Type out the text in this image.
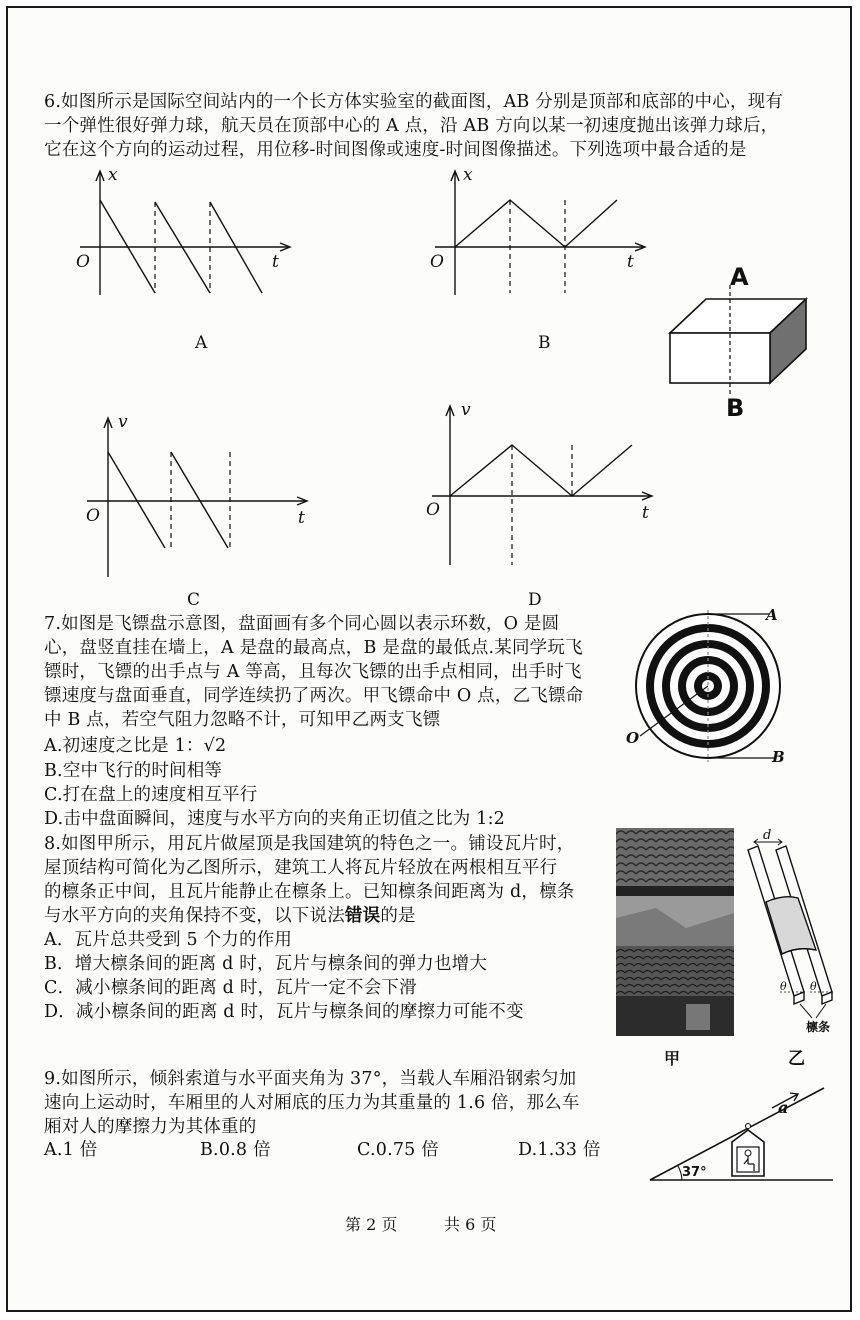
6.如图所示是国际空间站内的一个长方体实验室的截面图，AB 分别是顶部和底部的中心，现有
一个弹性很好弹力球，航天员在顶部中心的 A 点，沿 AB 方向以某一初速度抛出该弹力球后，
它在这个方向的运动过程，用位移-时间图像或速度-时间图像描述。下列选项中最合适的是
x
t
O
A
x
t
O
B
A
B
v
t
O
C
v
t
O
D
7.如图是飞镖盘示意图，盘面画有多个同心圆以表示环数，O 是圆
心，盘竖直挂在墙上，A 是盘的最高点，B 是盘的最低点.某同学玩飞
镖时，飞镖的出手点与 A 等高，且每次飞镖的出手点相同，出手时飞
镖速度与盘面垂直，同学连续扔了两次。甲飞镖命中 O 点，乙飞镖命
中 B 点，若空气阻力忽略不计，可知甲乙两支飞镖
A.初速度之比是 1：√2
B.空中飞行的时间相等
C.打在盘上的速度相互平行
D.击中盘面瞬间，速度与水平方向的夹角正切值之比为 1:2
A
B
O
8.如图甲所示，用瓦片做屋顶是我国建筑的特色之一。铺设瓦片时，
屋顶结构可简化为乙图所示，建筑工人将瓦片轻放在两根相互平行
的檩条正中间，且瓦片能静止在檩条上。已知檩条间距离为 d，檩条
与水平方向的夹角保持不变，以下说法错误的是
A．瓦片总共受到 5 个力的作用
B．增大檩条间的距离 d 时，瓦片与檩条间的弹力也增大
C．减小檩条间的距离 d 时，瓦片一定不会下滑
D．减小檩条间的距离 d 时，瓦片与檩条间的摩擦力可能不变
甲
d
θ θ
檩条
乙
9.如图所示，倾斜索道与水平面夹角为 37°，当载人车厢沿钢索匀加
速向上运动时，车厢里的人对厢底的压力为其重量的 1.6 倍，那么车
厢对人的摩擦力为其体重的
A.1 倍	B.0.8 倍	C.0.75 倍	D.1.33 倍
37°
a
第 2 页	共 6 页
